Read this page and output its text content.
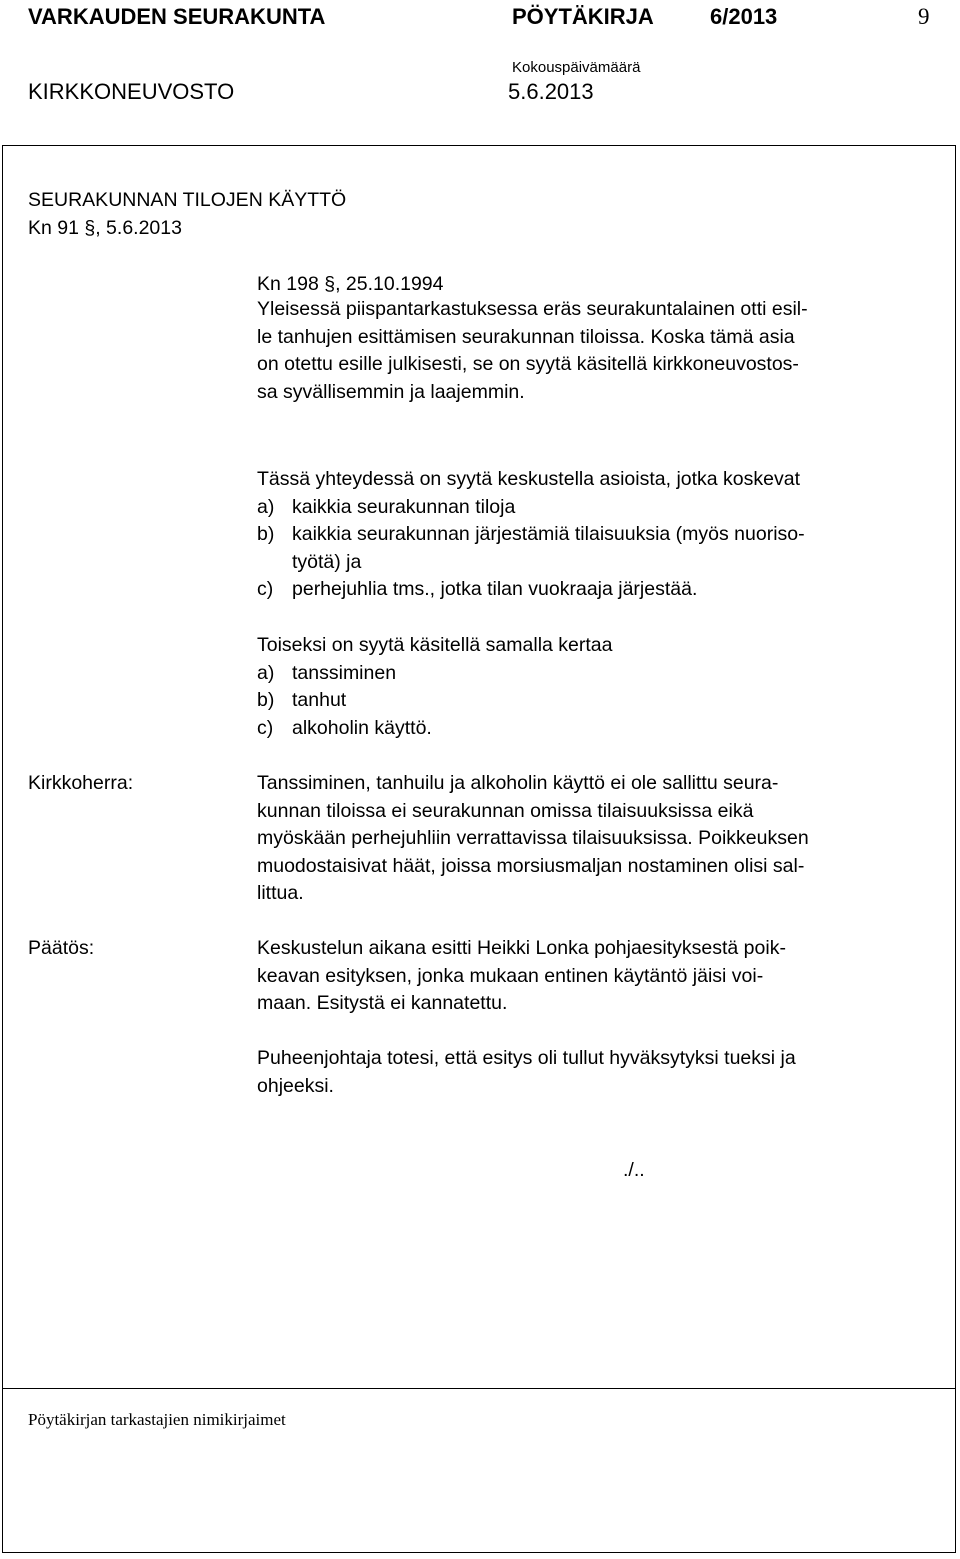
VARKAUDEN SEURAKUNTA	PÖYTÄKIRJA	6/2013	9
KIRKKONEUVOSTO
Kokouspäivämäärä
5.6.2013
SEURAKUNNAN TILOJEN KÄYTTÖ
Kn 91 §, 5.6.2013
Kn 198 §, 25.10.1994
Yleisessä piispantarkastuksessa eräs seurakuntalainen otti esil-
le tanhujen esittämisen seurakunnan tiloissa. Koska tämä asia
on otettu esille julkisesti, se on syytä käsitellä kirkkoneuvostos-
sa syvällisemmin ja laajemmin.
Tässä yhteydessä on syytä keskustella asioista, jotka koskevat
a) kaikkia seurakunnan tiloja
b) kaikkia seurakunnan järjestämiä tilaisuuksia (myös nuoriso-
työtä) ja
c) perhejuhlia tms., jotka tilan vuokraaja järjestää.
Toiseksi on syytä käsitellä samalla kertaa
a) tanssiminen
b) tanhut
c) alkoholin käyttö.
Kirkkoherra:	Tanssiminen, tanhuilu ja alkoholin käyttö ei ole sallittu seura-
kunnan tiloissa ei seurakunnan omissa tilaisuuksissa eikä
myöskään perhejuhliin verrattavissa tilaisuuksissa. Poikkeuksen
muodostaisivat häät, joissa morsiusmaljan nostaminen olisi sal-
littua.
Päätös:	Keskustelun aikana esitti Heikki Lonka pohjaesityksestä poik-
keavan esityksen, jonka mukaan entinen käytäntö jäisi voi-
maan. Esitystä ei kannatettu.
Puheenjohtaja totesi, että esitys oli tullut hyväksytyksi tueksi ja
ohjeeksi.
./..
Pöytäkirjan tarkastajien nimikirjaimet
